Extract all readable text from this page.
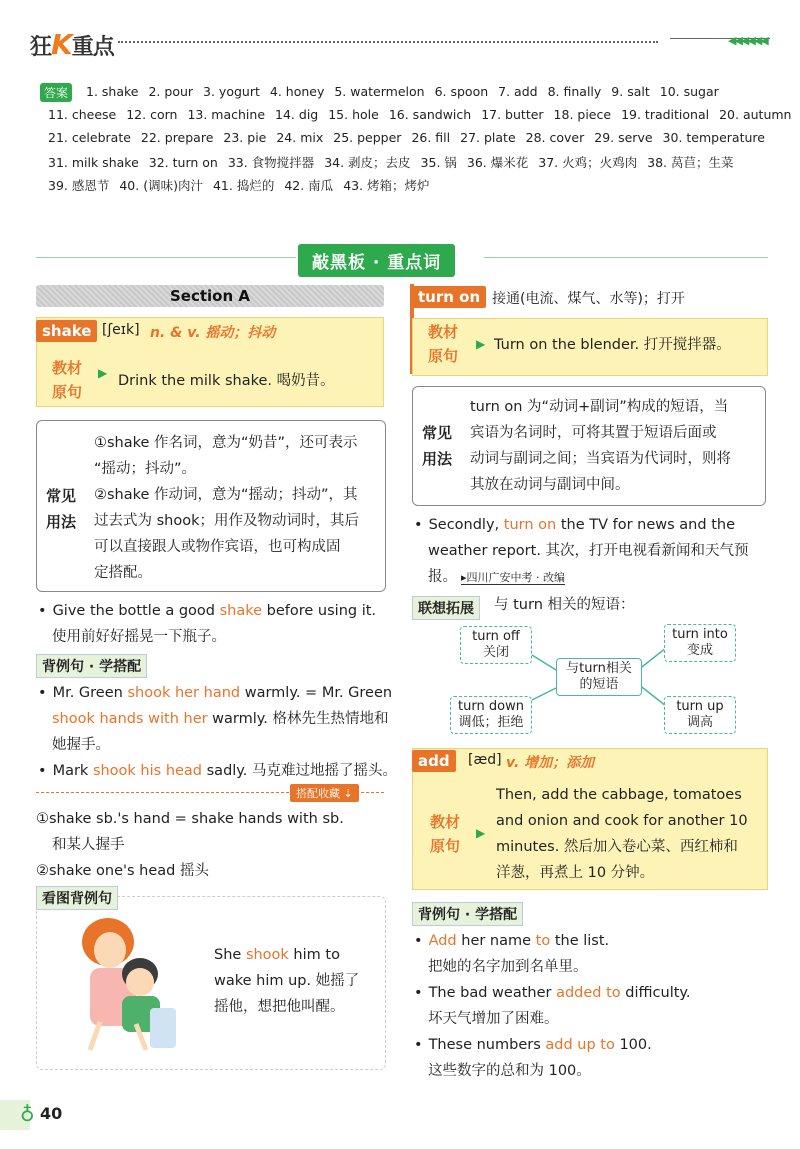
狂K重点	◀◀◀◀◀◀
答案	1. shake 2. pour 3. yogurt 4. honey 5. watermelon 6. spoon 7. add 8. finally 9. salt 10. sugar
11. cheese 12. corn 13. machine 14. dig 15. hole 16. sandwich 17. butter 18. piece 19. traditional 20. autumn
21. celebrate 22. prepare 23. pie 24. mix 25. pepper 26. fill 27. plate 28. cover 29. serve 30. temperature
31. milk shake 32. turn on 33. 食物搅拌器 34. 剥皮；去皮 35. 锅 36. 爆米花 37. 火鸡；火鸡肉 38. 莴苣；生菜
39. 感恩节 40. (调味)肉汁 41. 捣烂的 42. 南瓜 43. 烤箱；烤炉
敲黑板 · 重点词
Section A
shake [ʃeɪk] n. & v. 摇动；抖动
教材
原句
▶ Drink the milk shake. 喝奶昔。
常见
用法
①shake 作名词，意为“奶昔”，还可表示
“摇动；抖动”。
②shake 作动词，意为“摇动；抖动”，其
过去式为 shook；用作及物动词时，其后
可以直接跟人或物作宾语，也可构成固
定搭配。
• Give the bottle a good shake before using it.
使用前好好摇晃一下瓶子。
背例句 · 学搭配
• Mr. Green shook her hand warmly. = Mr. Green
shook hands with her warmly. 格林先生热情地和
她握手。
• Mark shook his head sadly. 马克难过地摇了摇头。
搭配收藏 ⇣
①shake sb.'s hand = shake hands with sb.
和某人握手
②shake one's head 摇头
看图背例句
She shook him to
wake him up. 她摇了
摇他，想把他叫醒。
turn on 接通(电流、煤气、水等)；打开
教材
原句
▶ Turn on the blender. 打开搅拌器。
常见
用法
turn on 为“动词+副词”构成的短语，当
宾语为名词时，可将其置于短语后面或
动词与副词之间；当宾语为代词时，则将
其放在动词与副词中间。
• Secondly, turn on the TV for news and the
weather report. 其次，打开电视看新闻和天气预
报。 ▸四川广安中考 · 改编
联想拓展	与 turn 相关的短语：
turn off
关闭
turn into
变成
与turn相关
的短语
turn down
调低；拒绝
turn up
调高
add	[æd] v. 增加；添加
教材
原句
▶
Then, add the cabbage, tomatoes
and onion and cook for another 10
minutes. 然后加入卷心菜、西红柿和
洋葱，再煮上 10 分钟。
背例句 · 学搭配
• Add her name to the list.
把她的名字加到名单里。
• The bad weather added to difficulty.
坏天气增加了困难。
• These numbers add up to 100.
这些数字的总和为 100。
♁ 40
